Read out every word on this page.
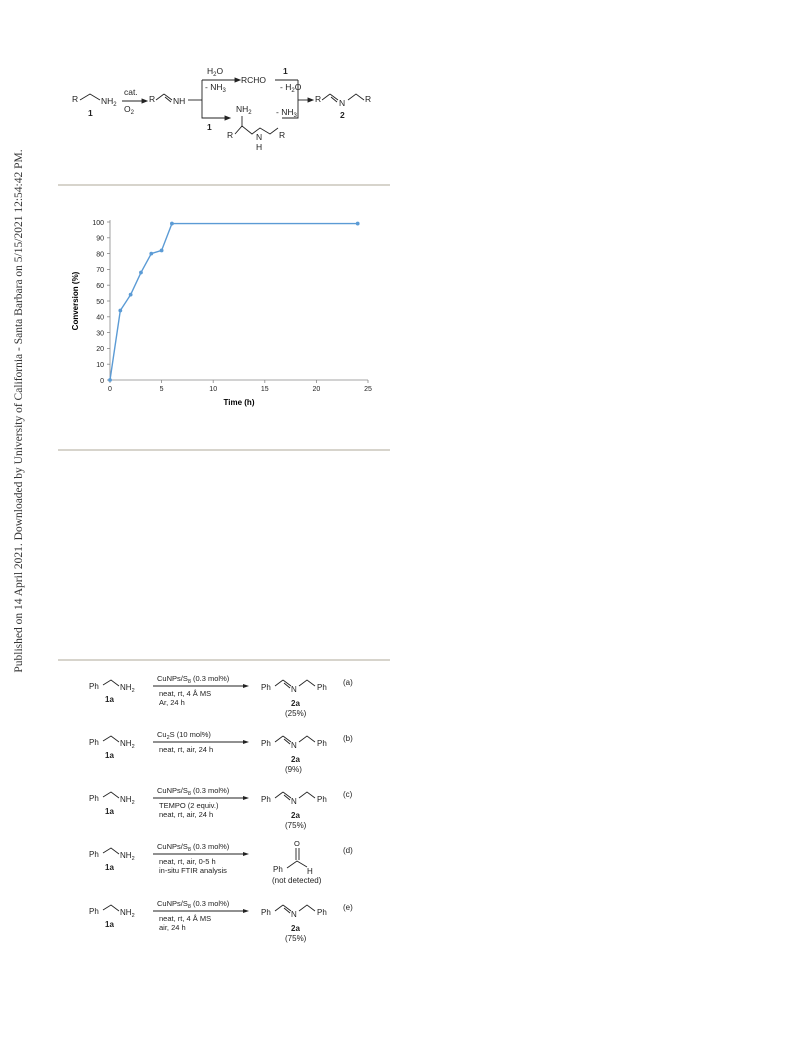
Published on 14 April 2021. Downloaded by University of California - Santa Barbara on 5/15/2021 12:54:42 PM.
R	$NH_2$
1
cat.
$O_2$
R NH
$H_2O$
- $NH_3$
1
RCHO
$NH_2$
R	N
H
R
1
- $H_2O$
- $NH_3$
R N R
2
0
10
20
30
40
50
60
70
80
90
100
0	5	10	15	20	25
Time (h)
Conversion (%)
Ph	$NH_2$
1a
CuNPs/$S_8$ (0.3 mol%)
neat, rt, 4 Å MS
Ar, 24 h
Ph	N	Ph
2a
(25%)
(a)
Ph	$NH_2$
1a
$Cu_2S$ (10 mol%)
neat, rt, air, 24 h
Ph	N	Ph
2a
(9%)
(b)
Ph	$NH_2$
1a
CuNPs/$S_8$ (0.3 mol%)
TEMPO (2 equiv.)
neat, rt, air, 24 h
Ph	N	Ph
2a
(75%)
(c)
Ph	$NH_2$
1a
CuNPs/$S_8$ (0.3 mol%)
neat, rt, air, 0-5 h
in-situ FTIR analysis
O
Ph	H
(not detected)
(d)
Ph	$NH_2$
1a
CuNPs/$S_8$ (0.3 mol%)
neat, rt, 4 Å MS
air, 24 h
Ph	N	Ph
2a
(75%)
(e)
